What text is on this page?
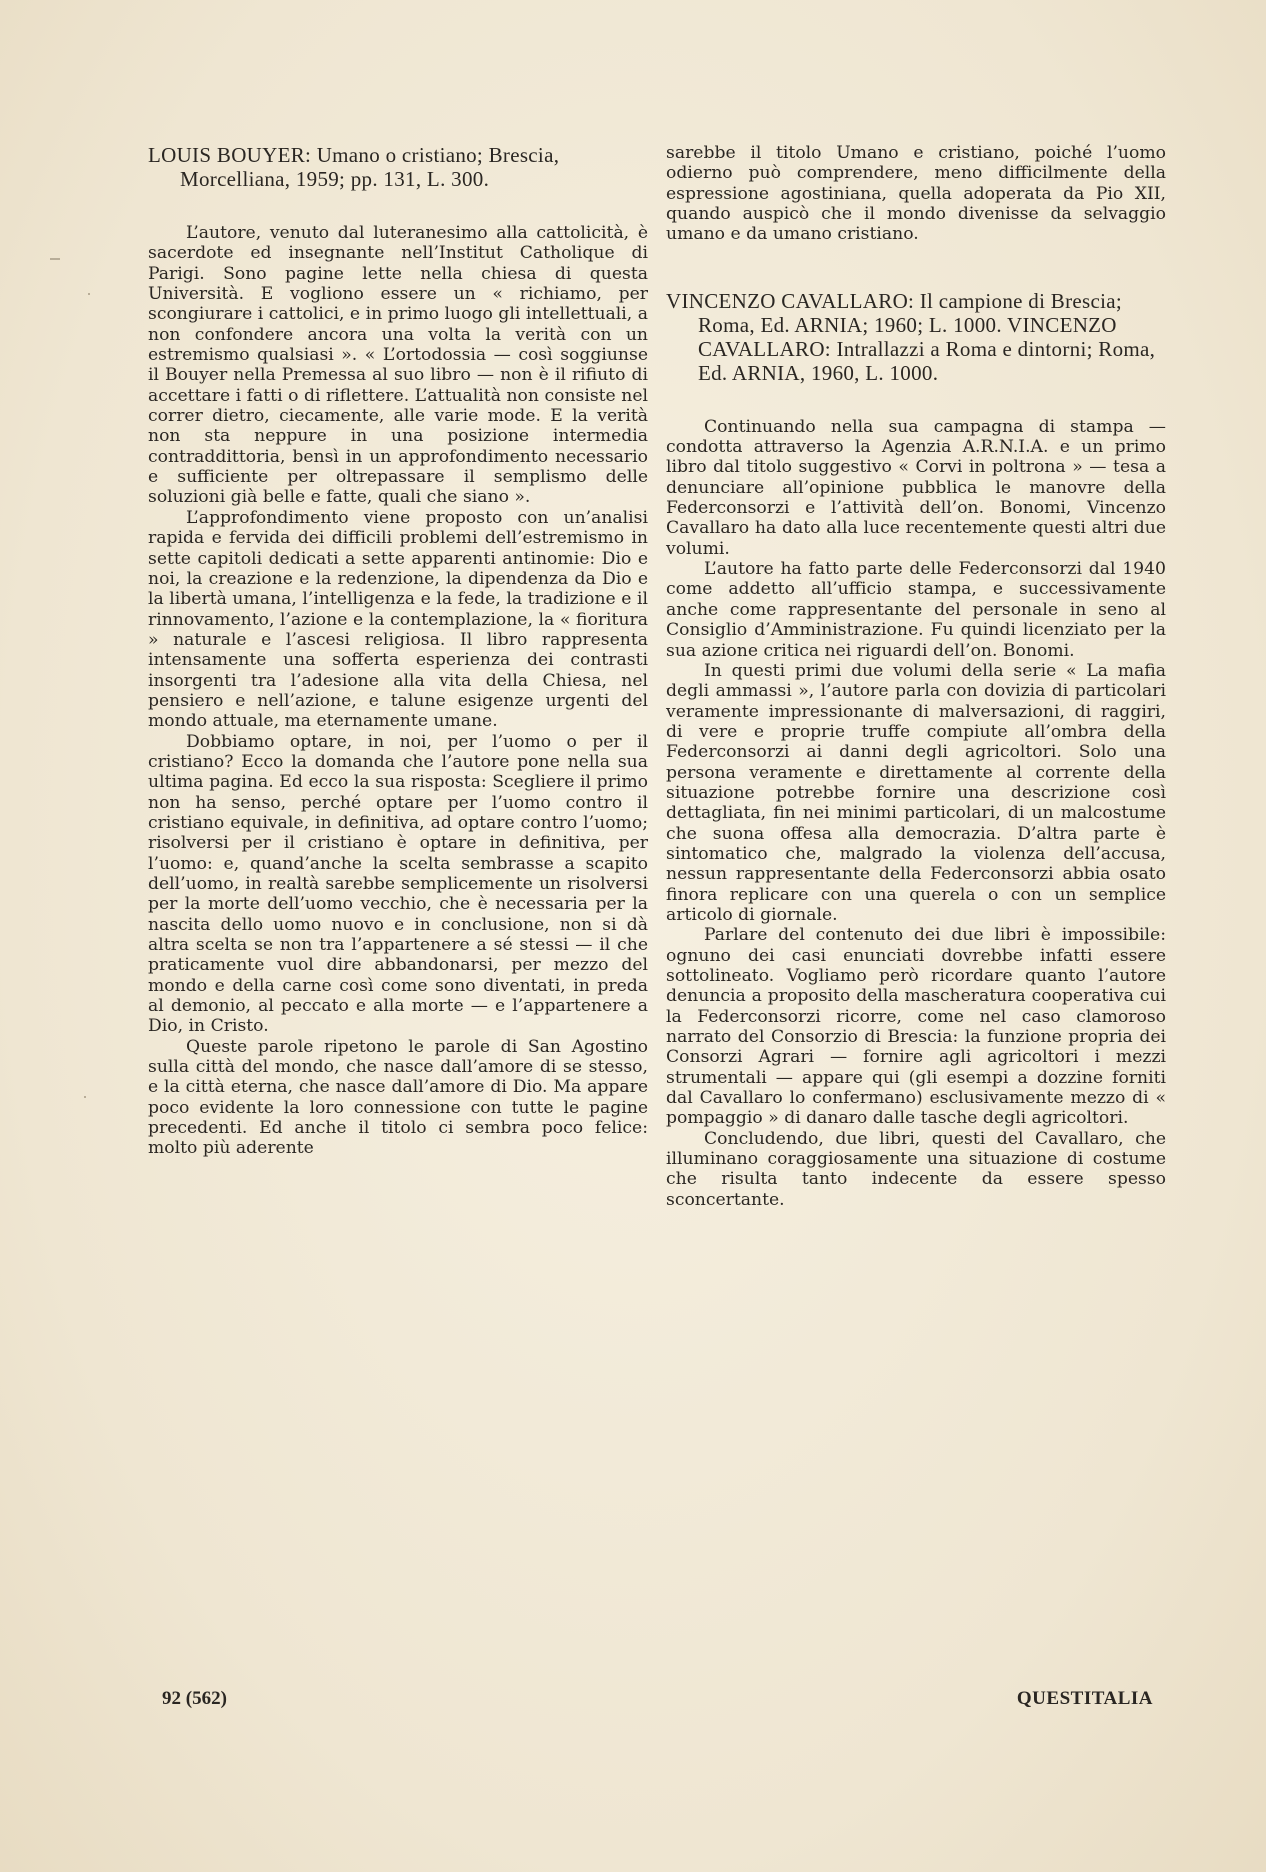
LOUIS BOUYER: Umano o cristiano; Brescia, Morcelliana, 1959; pp. 131, L. 300.

L’autore, venuto dal luteranesimo alla cattolicità, è sacerdote ed insegnante nell’Institut Catholique di Parigi. Sono pagine lette nella chiesa di questa Università. E vogliono essere un « richiamo, per scongiurare i cattolici, e in primo luogo gli intellettuali, a non confondere ancora una volta la verità con un estremismo qualsiasi ». « L’ortodossia — così soggiunse il Bouyer nella Premessa al suo libro — non è il rifiuto di accettare i fatti o di riflettere. L’attualità non consiste nel correr dietro, ciecamente, alle varie mode. E la verità non sta neppure in una posizione intermedia contraddittoria, bensì in un approfondimento necessario e sufficiente per oltrepassare il semplismo delle soluzioni già belle e fatte, quali che siano ».

L’approfondimento viene proposto con un’analisi rapida e fervida dei difficili problemi dell’estremismo in sette capitoli dedicati a sette apparenti antinomie: Dio e noi, la creazione e la redenzione, la dipendenza da Dio e la libertà umana, l’intelligenza e la fede, la tradizione e il rinnovamento, l’azione e la contemplazione, la « fioritura » naturale e l’ascesi religiosa. Il libro rappresenta intensamente una sofferta esperienza dei contrasti insorgenti tra l’adesione alla vita della Chiesa, nel pensiero e nell’azione, e talune esigenze urgenti del mondo attuale, ma eternamente umane.

Dobbiamo optare, in noi, per l’uomo o per il cristiano? Ecco la domanda che l’autore pone nella sua ultima pagina. Ed ecco la sua risposta: Scegliere il primo non ha senso, perché optare per l’uomo contro il cristiano equivale, in definitiva, ad optare contro l’uomo; risolversi per il cristiano è optare in definitiva, per l’uomo: e, quand’anche la scelta sembrasse a scapito dell’uomo, in realtà sarebbe semplicemente un risolversi per la morte dell’uomo vecchio, che è necessaria per la nascita dello uomo nuovo e in conclusione, non si dà altra scelta se non tra l’appartenere a sé stessi — il che praticamente vuol dire abbandonarsi, per mezzo del mondo e della carne così come sono diventati, in preda al demonio, al peccato e alla morte — e l’appartenere a Dio, in Cristo.

Queste parole ripetono le parole di San Agostino sulla città del mondo, che nasce dall’amore di se stesso, e la città eterna, che nasce dall’amore di Dio. Ma appare poco evidente la loro connessione con tutte le pagine precedenti. Ed anche il titolo ci sembra poco felice: molto più aderente

sarebbe il titolo Umano e cristiano, poiché l’uomo odierno può comprendere, meno difficilmente della espressione agostiniana, quella adoperata da Pio XII, quando auspicò che il mondo divenisse da selvaggio umano e da umano cristiano.

VINCENZO CAVALLARO: Il campione di Brescia; Roma, Ed. ARNIA; 1960; L. 1000. VINCENZO CAVALLARO: Intrallazzi a Roma e dintorni; Roma, Ed. ARNIA, 1960, L. 1000.

Continuando nella sua campagna di stampa — condotta attraverso la Agenzia A.R.N.I.A. e un primo libro dal titolo suggestivo « Corvi in poltrona » — tesa a denunciare all’opinione pubblica le manovre della Federconsorzi e l’attività dell’on. Bonomi, Vincenzo Cavallaro ha dato alla luce recentemente questi altri due volumi.

L’autore ha fatto parte delle Federconsorzi dal 1940 come addetto all’ufficio stampa, e successivamente anche come rappresentante del personale in seno al Consiglio d’Amministrazione. Fu quindi licenziato per la sua azione critica nei riguardi dell’on. Bonomi.

In questi primi due volumi della serie « La mafia degli ammassi », l’autore parla con dovizia di particolari veramente impressionante di malversazioni, di raggiri, di vere e proprie truffe compiute all’ombra della Federconsorzi ai danni degli agricoltori. Solo una persona veramente e direttamente al corrente della situazione potrebbe fornire una descrizione così dettagliata, fin nei minimi particolari, di un malcostume che suona offesa alla democrazia. D’altra parte è sintomatico che, malgrado la violenza dell’accusa, nessun rappresentante della Federconsorzi abbia osato finora replicare con una querela o con un semplice articolo di giornale.

Parlare del contenuto dei due libri è impossibile: ognuno dei casi enunciati dovrebbe infatti essere sottolineato. Vogliamo però ricordare quanto l’autore denuncia a proposito della mascheratura cooperativa cui la Federconsorzi ricorre, come nel caso clamoroso narrato del Consorzio di Brescia: la funzione propria dei Consorzi Agrari — fornire agli agricoltori i mezzi strumentali — appare qui (gli esempi a dozzine forniti dal Cavallaro lo confermano) esclusivamente mezzo di « pompaggio » di danaro dalle tasche degli agricoltori.

Concludendo, due libri, questi del Cavallaro, che illuminano coraggiosamente una situazione di costume che risulta tanto indecente da essere spesso sconcertante.

92 (562)	QUESTITALIA
